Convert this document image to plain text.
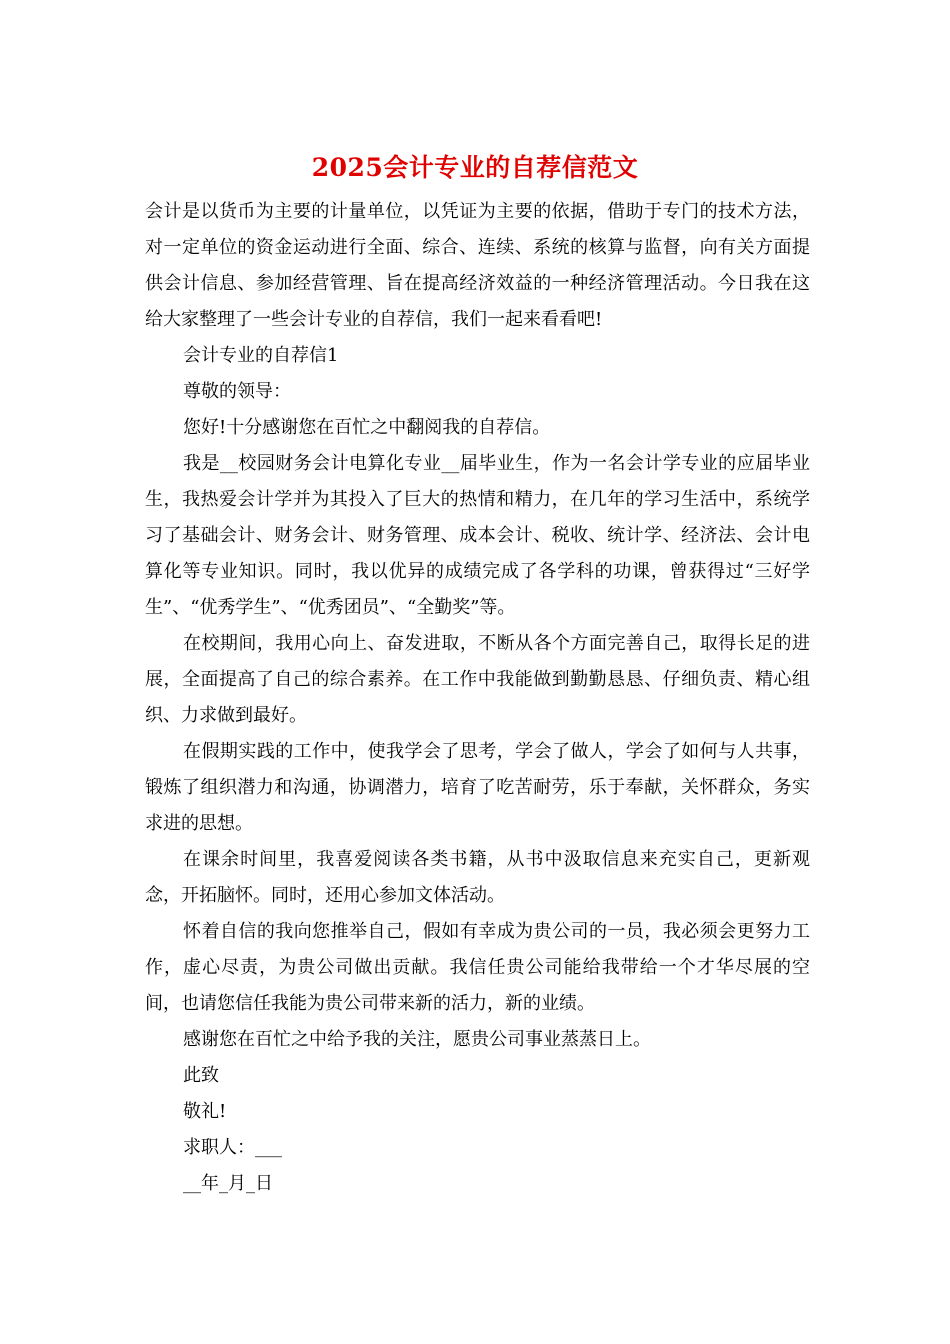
2025会计专业的自荐信范文

会计是以货币为主要的计量单位，以凭证为主要的依据，借助于专门的技术方法，对一定单位的资金运动进行全面、综合、连续、系统的核算与监督，向有关方面提供会计信息、参加经营管理、旨在提高经济效益的一种经济管理活动。今日我在这给大家整理了一些会计专业的自荐信，我们一起来看看吧!

会计专业的自荐信1

尊敬的领导：

您好!十分感谢您在百忙之中翻阅我的自荐信。

我是__校园财务会计电算化专业__届毕业生，作为一名会计学专业的应届毕业生，我热爱会计学并为其投入了巨大的热情和精力，在几年的学习生活中，系统学习了基础会计、财务会计、财务管理、成本会计、税收、统计学、经济法、会计电算化等专业知识。同时，我以优异的成绩完成了各学科的功课，曾获得过“三好学生”、“优秀学生”、“优秀团员”、“全勤奖”等。

在校期间，我用心向上、奋发进取，不断从各个方面完善自己，取得长足的进展，全面提高了自己的综合素养。在工作中我能做到勤勤恳恳、仔细负责、精心组织、力求做到最好。

在假期实践的工作中，使我学会了思考，学会了做人，学会了如何与人共事，锻炼了组织潜力和沟通，协调潜力，培育了吃苦耐劳，乐于奉献，关怀群众，务实求进的思想。

在课余时间里，我喜爱阅读各类书籍，从书中汲取信息来充实自己，更新观念，开拓脑怀。同时，还用心参加文体活动。

怀着自信的我向您推举自己，假如有幸成为贵公司的一员，我必须会更努力工作，虚心尽责，为贵公司做出贡献。我信任贵公司能给我带给一个才华尽展的空间，也请您信任我能为贵公司带来新的活力，新的业绩。

感谢您在百忙之中给予我的关注，愿贵公司事业蒸蒸日上。

此致

敬礼!

求职人：___

__年_月_日
